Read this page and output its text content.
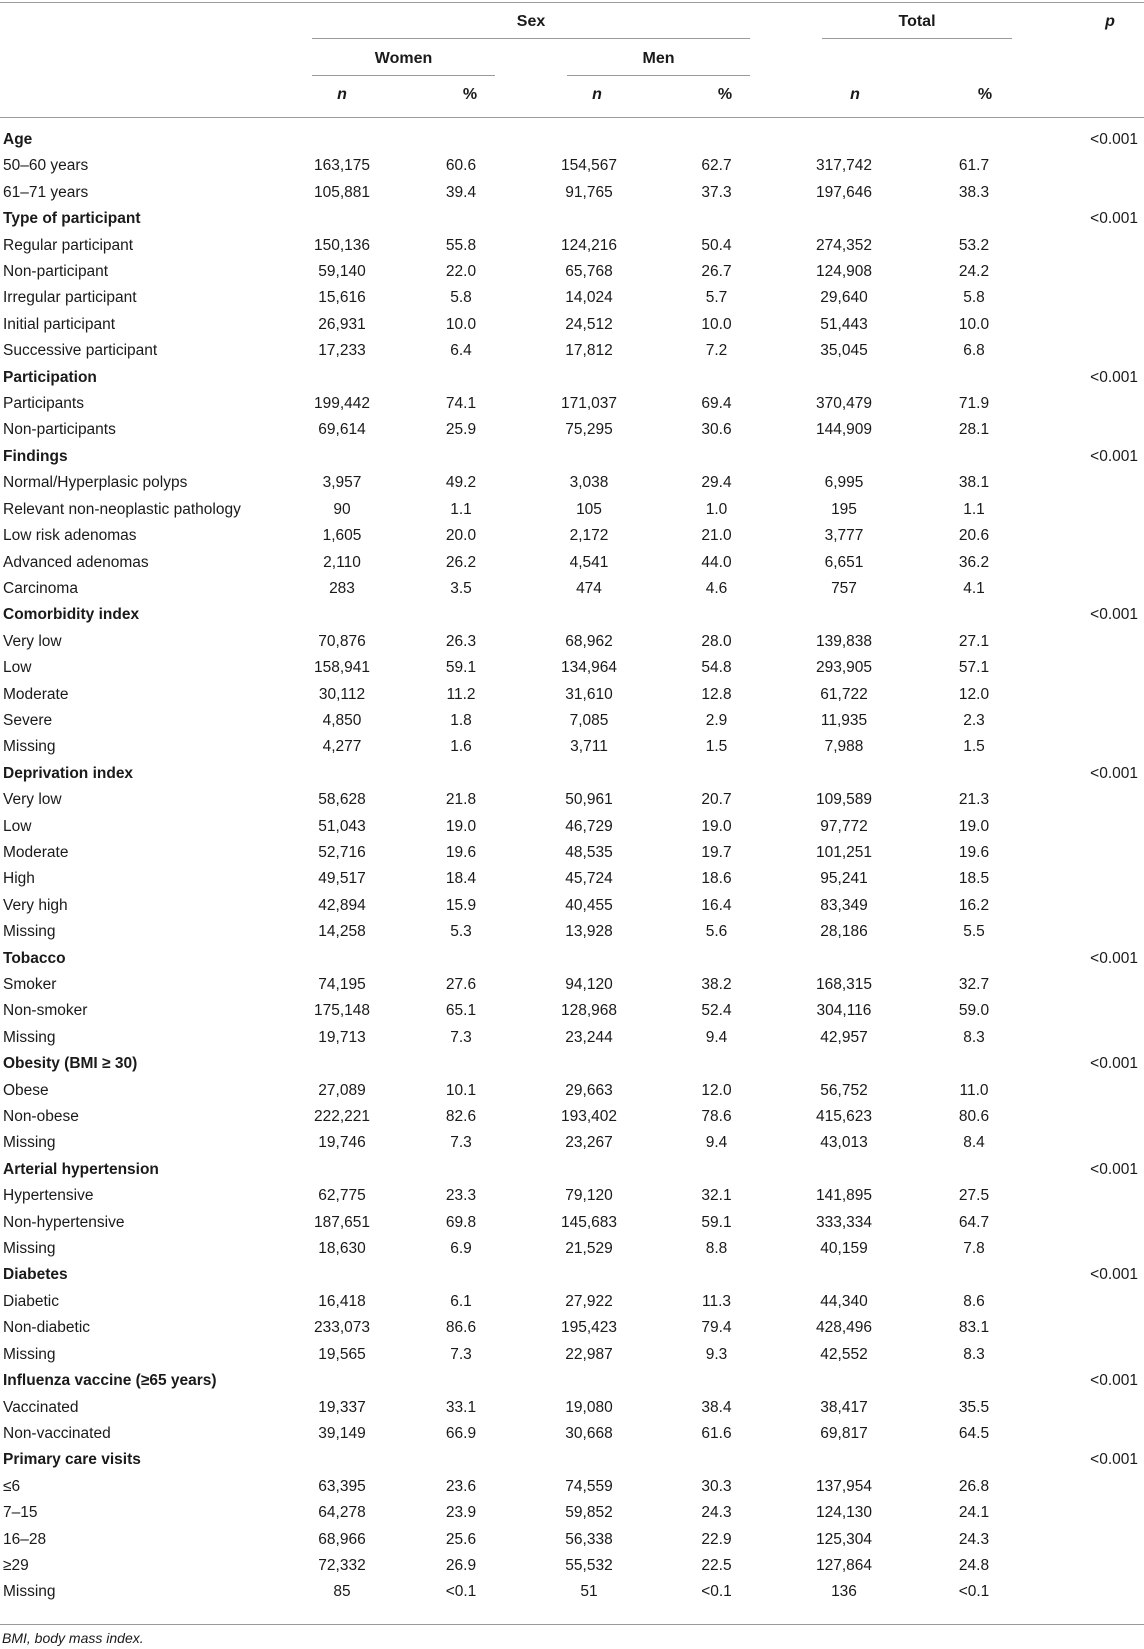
Sex	Total	p
Women	Men
n	%	n	%	n	%
Age							<0.001
50–60 years	163,175	60.6	154,567	62.7	317,742	61.7	
61–71 years	105,881	39.4	91,765	37.3	197,646	38.3	
Type of participant							<0.001
Regular participant	150,136	55.8	124,216	50.4	274,352	53.2	
Non-participant	59,140	22.0	65,768	26.7	124,908	24.2	
Irregular participant	15,616	5.8	14,024	5.7	29,640	5.8	
Initial participant	26,931	10.0	24,512	10.0	51,443	10.0	
Successive participant	17,233	6.4	17,812	7.2	35,045	6.8	
Participation							<0.001
Participants	199,442	74.1	171,037	69.4	370,479	71.9	
Non-participants	69,614	25.9	75,295	30.6	144,909	28.1	
Findings							<0.001
Normal/Hyperplasic polyps	3,957	49.2	3,038	29.4	6,995	38.1	
Relevant non-neoplastic pathology	90	1.1	105	1.0	195	1.1	
Low risk adenomas	1,605	20.0	2,172	21.0	3,777	20.6	
Advanced adenomas	2,110	26.2	4,541	44.0	6,651	36.2	
Carcinoma	283	3.5	474	4.6	757	4.1	
Comorbidity index							<0.001
Very low	70,876	26.3	68,962	28.0	139,838	27.1	
Low	158,941	59.1	134,964	54.8	293,905	57.1	
Moderate	30,112	11.2	31,610	12.8	61,722	12.0	
Severe	4,850	1.8	7,085	2.9	11,935	2.3	
Missing	4,277	1.6	3,711	1.5	7,988	1.5	
Deprivation index							<0.001
Very low	58,628	21.8	50,961	20.7	109,589	21.3	
Low	51,043	19.0	46,729	19.0	97,772	19.0	
Moderate	52,716	19.6	48,535	19.7	101,251	19.6	
High	49,517	18.4	45,724	18.6	95,241	18.5	
Very high	42,894	15.9	40,455	16.4	83,349	16.2	
Missing	14,258	5.3	13,928	5.6	28,186	5.5	
Tobacco							<0.001
Smoker	74,195	27.6	94,120	38.2	168,315	32.7	
Non-smoker	175,148	65.1	128,968	52.4	304,116	59.0	
Missing	19,713	7.3	23,244	9.4	42,957	8.3	
Obesity (BMI ≥ 30)							<0.001
Obese	27,089	10.1	29,663	12.0	56,752	11.0	
Non-obese	222,221	82.6	193,402	78.6	415,623	80.6	
Missing	19,746	7.3	23,267	9.4	43,013	8.4	
Arterial hypertension							<0.001
Hypertensive	62,775	23.3	79,120	32.1	141,895	27.5	
Non-hypertensive	187,651	69.8	145,683	59.1	333,334	64.7	
Missing	18,630	6.9	21,529	8.8	40,159	7.8	
Diabetes							<0.001
Diabetic	16,418	6.1	27,922	11.3	44,340	8.6	
Non-diabetic	233,073	86.6	195,423	79.4	428,496	83.1	
Missing	19,565	7.3	22,987	9.3	42,552	8.3	
Influenza vaccine (≥65 years)							<0.001
Vaccinated	19,337	33.1	19,080	38.4	38,417	35.5	
Non-vaccinated	39,149	66.9	30,668	61.6	69,817	64.5	
Primary care visits							<0.001
≤6	63,395	23.6	74,559	30.3	137,954	26.8	
7–15	64,278	23.9	59,852	24.3	124,130	24.1	
16–28	68,966	25.6	56,338	22.9	125,304	24.3	
≥29	72,332	26.9	55,532	22.5	127,864	24.8	
Missing	85	<0.1	51	<0.1	136	<0.1	
BMI, body mass index.
